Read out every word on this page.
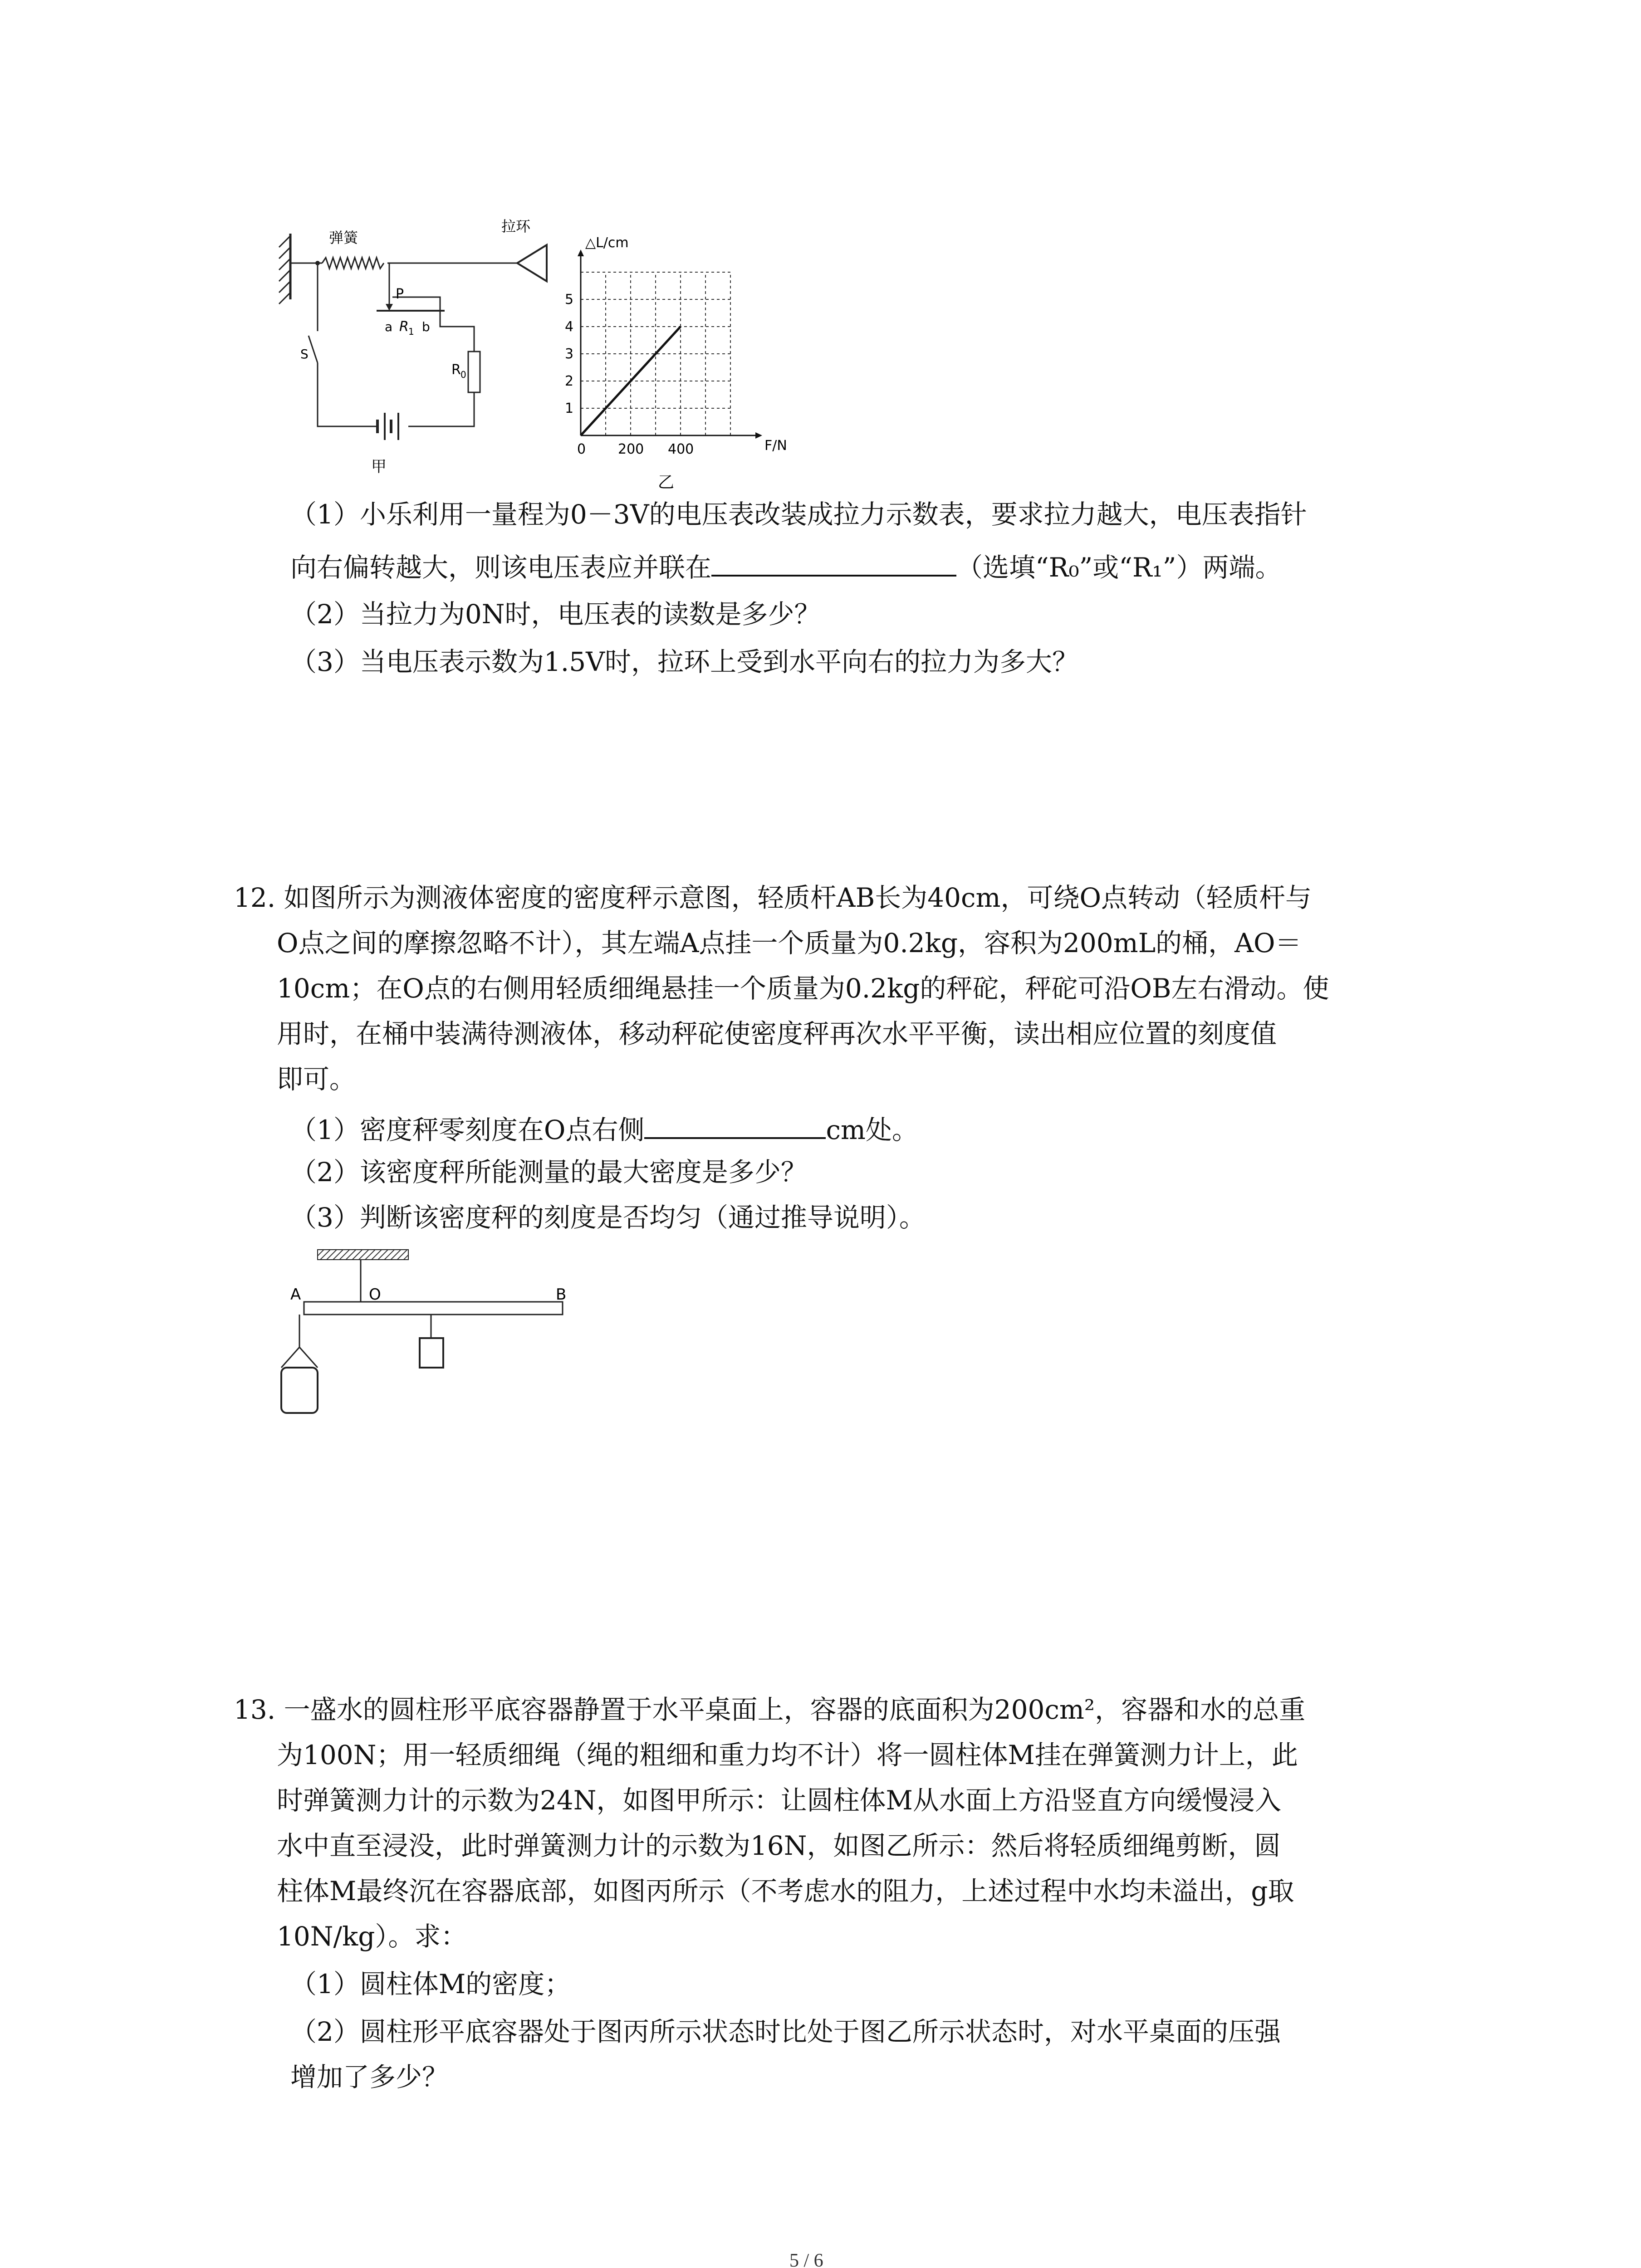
弹簧
拉环
P
a R 1 b
R 0
S
甲
△L/cm
F/N
0 200 400
1
2
3
4
5
乙
（1）小乐利用一量程为0－3V的电压表改装成拉力示数表，要求拉力越大，电压表指针
向右偏转越大，则该电压表应并联在	（选填“R₀”或“R₁”）两端。
（2）当拉力为0N时，电压表的读数是多少？
（3）当电压表示数为1.5V时，拉环上受到水平向右的拉力为多大？
12. 如图所示为测液体密度的密度秤示意图，轻质杆AB长为40cm，可绕O点转动（轻质杆与
O点之间的摩擦忽略不计），其左端A点挂一个质量为0.2kg，容积为200mL的桶，AO＝
10cm；在O点的右侧用轻质细绳悬挂一个质量为0.2kg的秤砣，秤砣可沿OB左右滑动。使
用时，在桶中装满待测液体，移动秤砣使密度秤再次水平平衡，读出相应位置的刻度值
即可。
（1）密度秤零刻度在O点右侧	cm处。
（2）该密度秤所能测量的最大密度是多少？
（3）判断该密度秤的刻度是否均匀（通过推导说明）。
A	O	B
13. 一盛水的圆柱形平底容器静置于水平桌面上，容器的底面积为200cm²，容器和水的总重
为100N；用一轻质细绳（绳的粗细和重力均不计）将一圆柱体M挂在弹簧测力计上，此
时弹簧测力计的示数为24N，如图甲所示：让圆柱体M从水面上方沿竖直方向缓慢浸入
水中直至浸没，此时弹簧测力计的示数为16N，如图乙所示：然后将轻质细绳剪断，圆
柱体M最终沉在容器底部，如图丙所示（不考虑水的阻力，上述过程中水均未溢出，g取
10N/kg）。求：
（1）圆柱体M的密度；
（2）圆柱形平底容器处于图丙所示状态时比处于图乙所示状态时，对水平桌面的压强
增加了多少？
5 / 6
